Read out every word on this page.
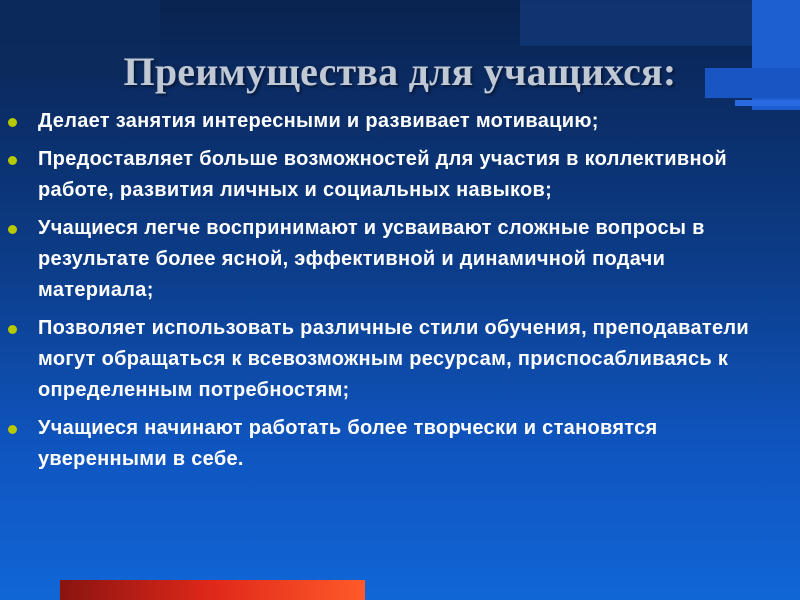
Преимущества для учащихся:
Делает занятия интересными и развивает мотивацию;
Предоставляет больше возможностей для участия в коллективной работе, развития личных и социальных навыков;
Учащиеся легче воспринимают и усваивают сложные вопросы в результате более ясной, эффективной и динамичной подачи материала;
Позволяет использовать различные стили обучения, преподаватели могут обращаться к всевозможным ресурсам, приспосабливаясь к определенным потребностям;
Учащиеся начинают работать более творчески и становятся уверенными в себе.
